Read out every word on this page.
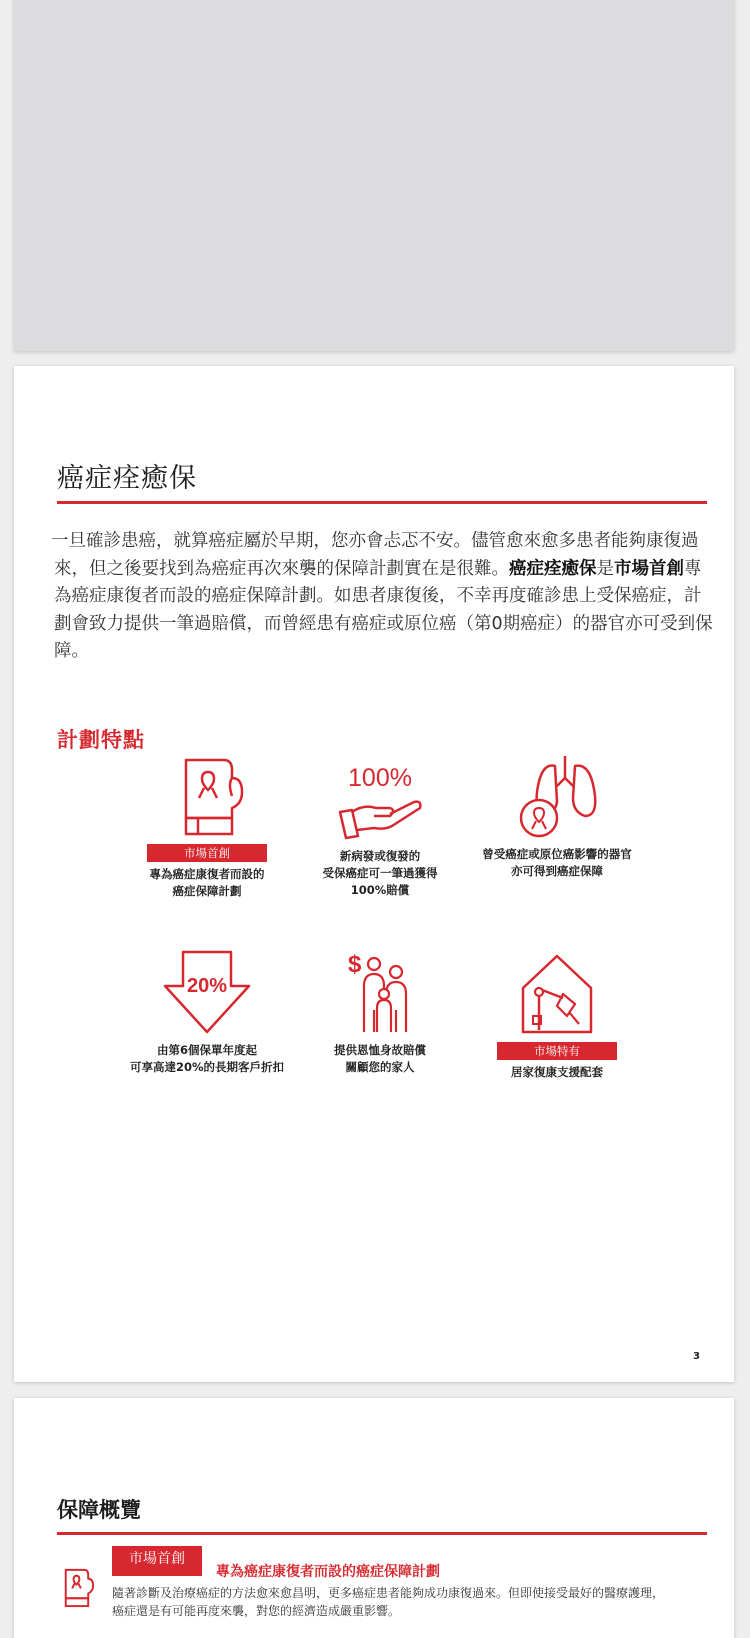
癌症痊癒保
一旦確診患癌，就算癌症屬於早期，您亦會忐忑不安。儘管愈來愈多患者能夠康復過來，但之後要找到為癌症再次來襲的保障計劃實在是很難。癌症痊癒保是市場首創專為癌症康復者而設的癌症保障計劃。如患者康復後，不幸再度確診患上受保癌症，計劃會致力提供一筆過賠償，而曾經患有癌症或原位癌（第0期癌症）的器官亦可受到保障。
計劃特點
市場首創
專為癌症康復者而設的
癌症保障計劃
100%
新病發或復發的
受保癌症可一筆過獲得
100%賠償
曾受癌症或原位癌影響的器官
亦可得到癌症保障
20%
由第6個保單年度起
可享高達20%的長期客戶折扣
$
提供恩恤身故賠償
關顧您的家人
市場特有
居家復康支援配套
3
保障概覽
市場首創
專為癌症康復者而設的癌症保障計劃
隨著診斷及治療癌症的方法愈來愈昌明，更多癌症患者能夠成功康復過來。但即使接受最好的醫療護理，癌症還是有可能再度來襲，對您的經濟造成嚴重影響。
